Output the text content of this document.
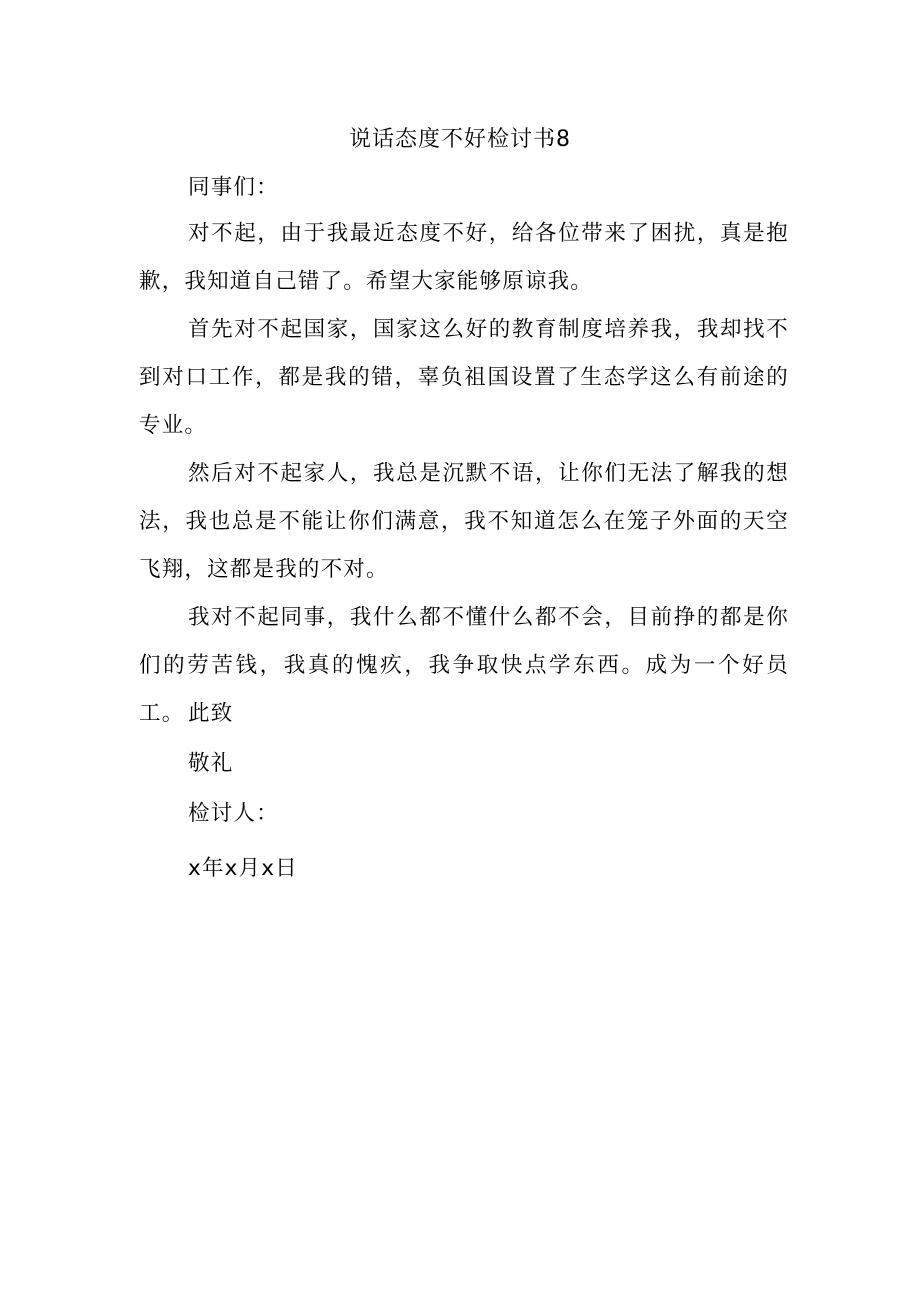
说话态度不好检讨书8
同事们：
对不起，由于我最近态度不好，给各位带来了困扰，真是抱歉，我知道自己错了。希望大家能够原谅我。
首先对不起国家，国家这么好的教育制度培养我，我却找不到对口工作，都是我的错，辜负祖国设置了生态学这么有前途的专业。
然后对不起家人，我总是沉默不语，让你们无法了解我的想法，我也总是不能让你们满意，我不知道怎么在笼子外面的天空飞翔，这都是我的不对。
我对不起同事，我什么都不懂什么都不会，目前挣的都是你们的劳苦钱，我真的愧疚，我争取快点学东西。成为一个好员工。 此致
敬礼
检讨人：
x年x月x日
